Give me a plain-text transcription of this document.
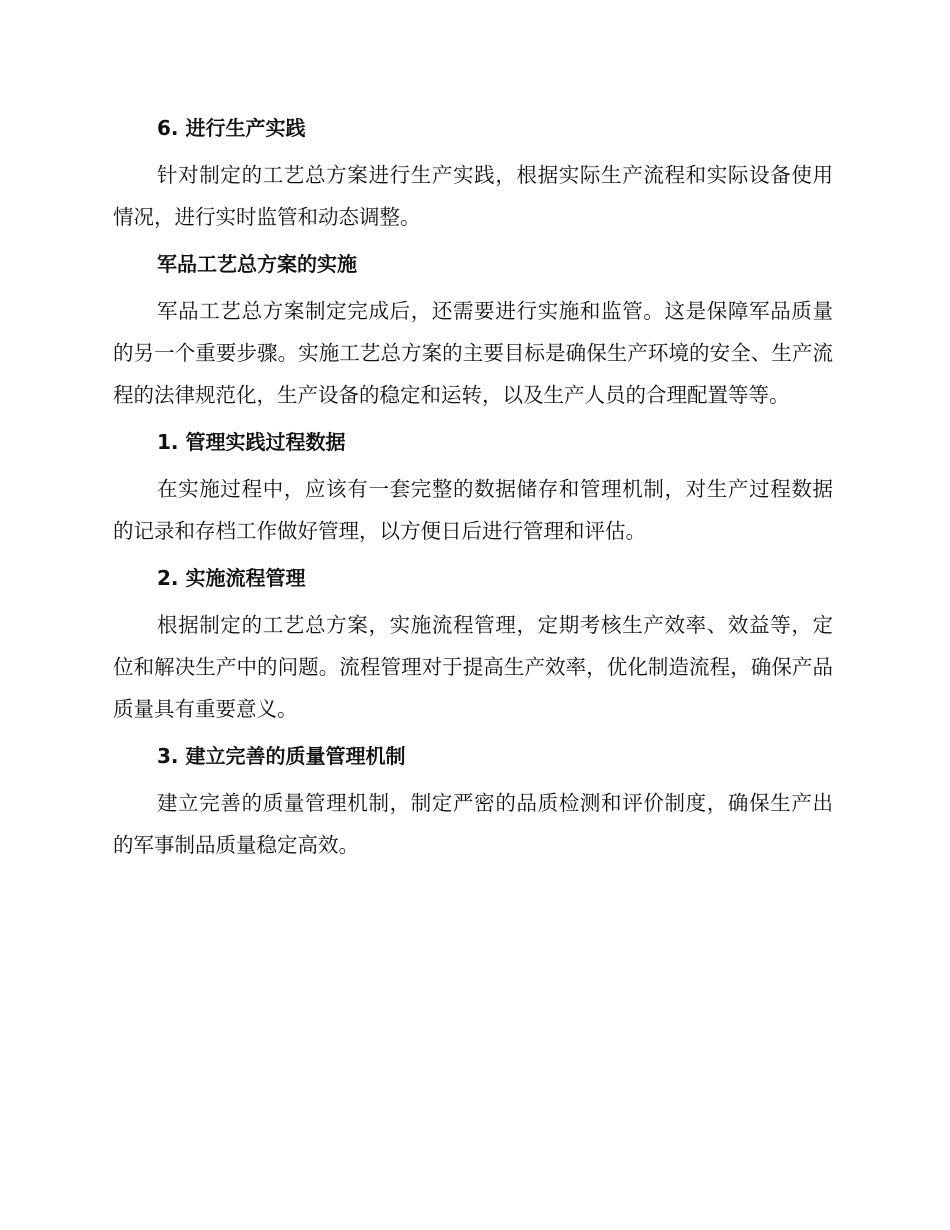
6. 进行生产实践

针对制定的工艺总方案进行生产实践，根据实际生产流程和实际设备使用情况，进行实时监管和动态调整。

军品工艺总方案的实施

军品工艺总方案制定完成后，还需要进行实施和监管。这是保障军品质量的另一个重要步骤。实施工艺总方案的主要目标是确保生产环境的安全、生产流程的法律规范化，生产设备的稳定和运转，以及生产人员的合理配置等等。

1. 管理实践过程数据

在实施过程中，应该有一套完整的数据储存和管理机制，对生产过程数据的记录和存档工作做好管理，以方便日后进行管理和评估。

2. 实施流程管理

根据制定的工艺总方案，实施流程管理，定期考核生产效率、效益等，定位和解决生产中的问题。流程管理对于提高生产效率，优化制造流程，确保产品质量具有重要意义。

3. 建立完善的质量管理机制

建立完善的质量管理机制，制定严密的品质检测和评价制度，确保生产出的军事制品质量稳定高效。
